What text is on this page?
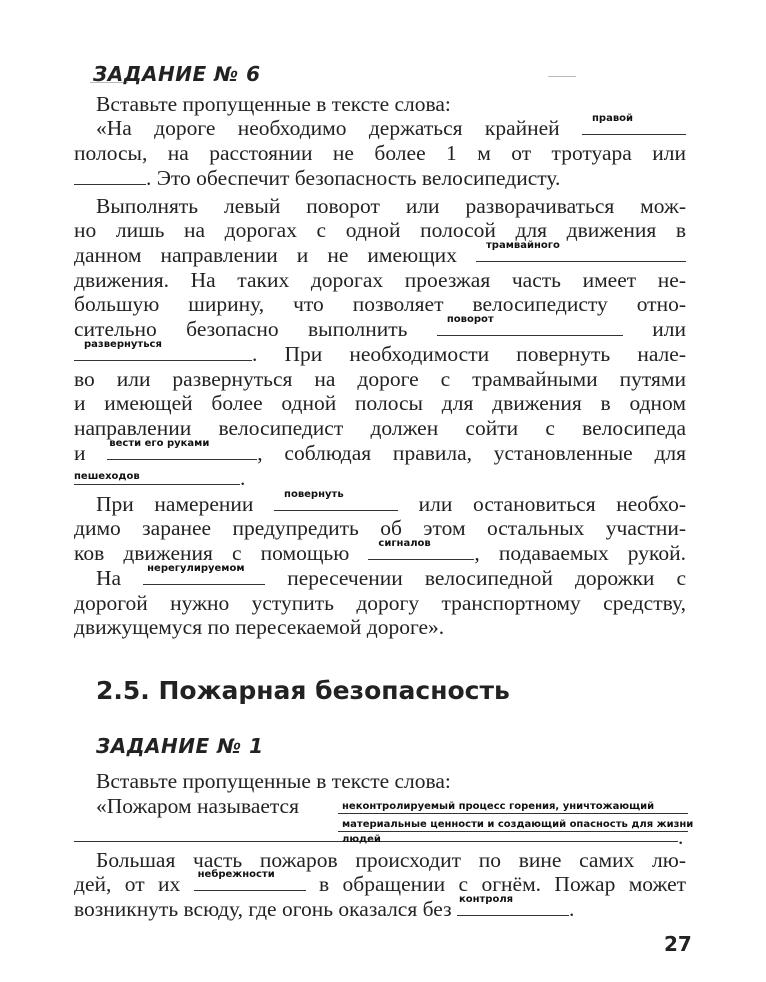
ЗАДАНИЕ № 6
Вставьте пропущенные в тексте слова:
«На дороге необходимо держаться крайней	правой
полосы, на расстоянии не более 1 м от тротуара или
. Это обеспечит безопасность велосипедисту.
Выполнять левый поворот или разворачиваться мож-
но лишь на дорогах с одной полосой для движения в
данном направлении и не имеющих	трамвайного
движения. На таких дорогах проезжая часть имеет не-
большую ширину, что позволяет велосипедисту отно-
сительно безопасно выполнить	поворот	или
развернуться	. При необходимости повернуть нале-
во или развернуться на дороге с трамвайными путями
и имеющей более одной полосы для движения в одном
направлении велосипедист должен сойти с велосипеда
и вести его руками , соблюдая правила, установленные для
пешеходов	.
При намерении	повернуть	или остановиться необхо-
димо заранее предупредить об этом остальных участни-
ков движения с помощью	сигналов , подаваемых рукой.
На	нерегулируемом пересечении велосипедной дорожки с
дорогой нужно уступить дорогу транспортному средству,
движущемуся по пересекаемой дороге».
2.5. Пожарная безопасность
ЗАДАНИЕ № 1
Вставьте пропущенные в тексте слова:
«Пожаром называется	неконтролируемый процесс горения, уничтожающий
материальные ценности и создающий опасность для жизни
людей	.
Большая часть пожаров происходит по вине самих лю-
дей, от их небрежности в обращении с огнём. Пожар может
возникнуть всюду, где огонь оказался без контроля	.
27
